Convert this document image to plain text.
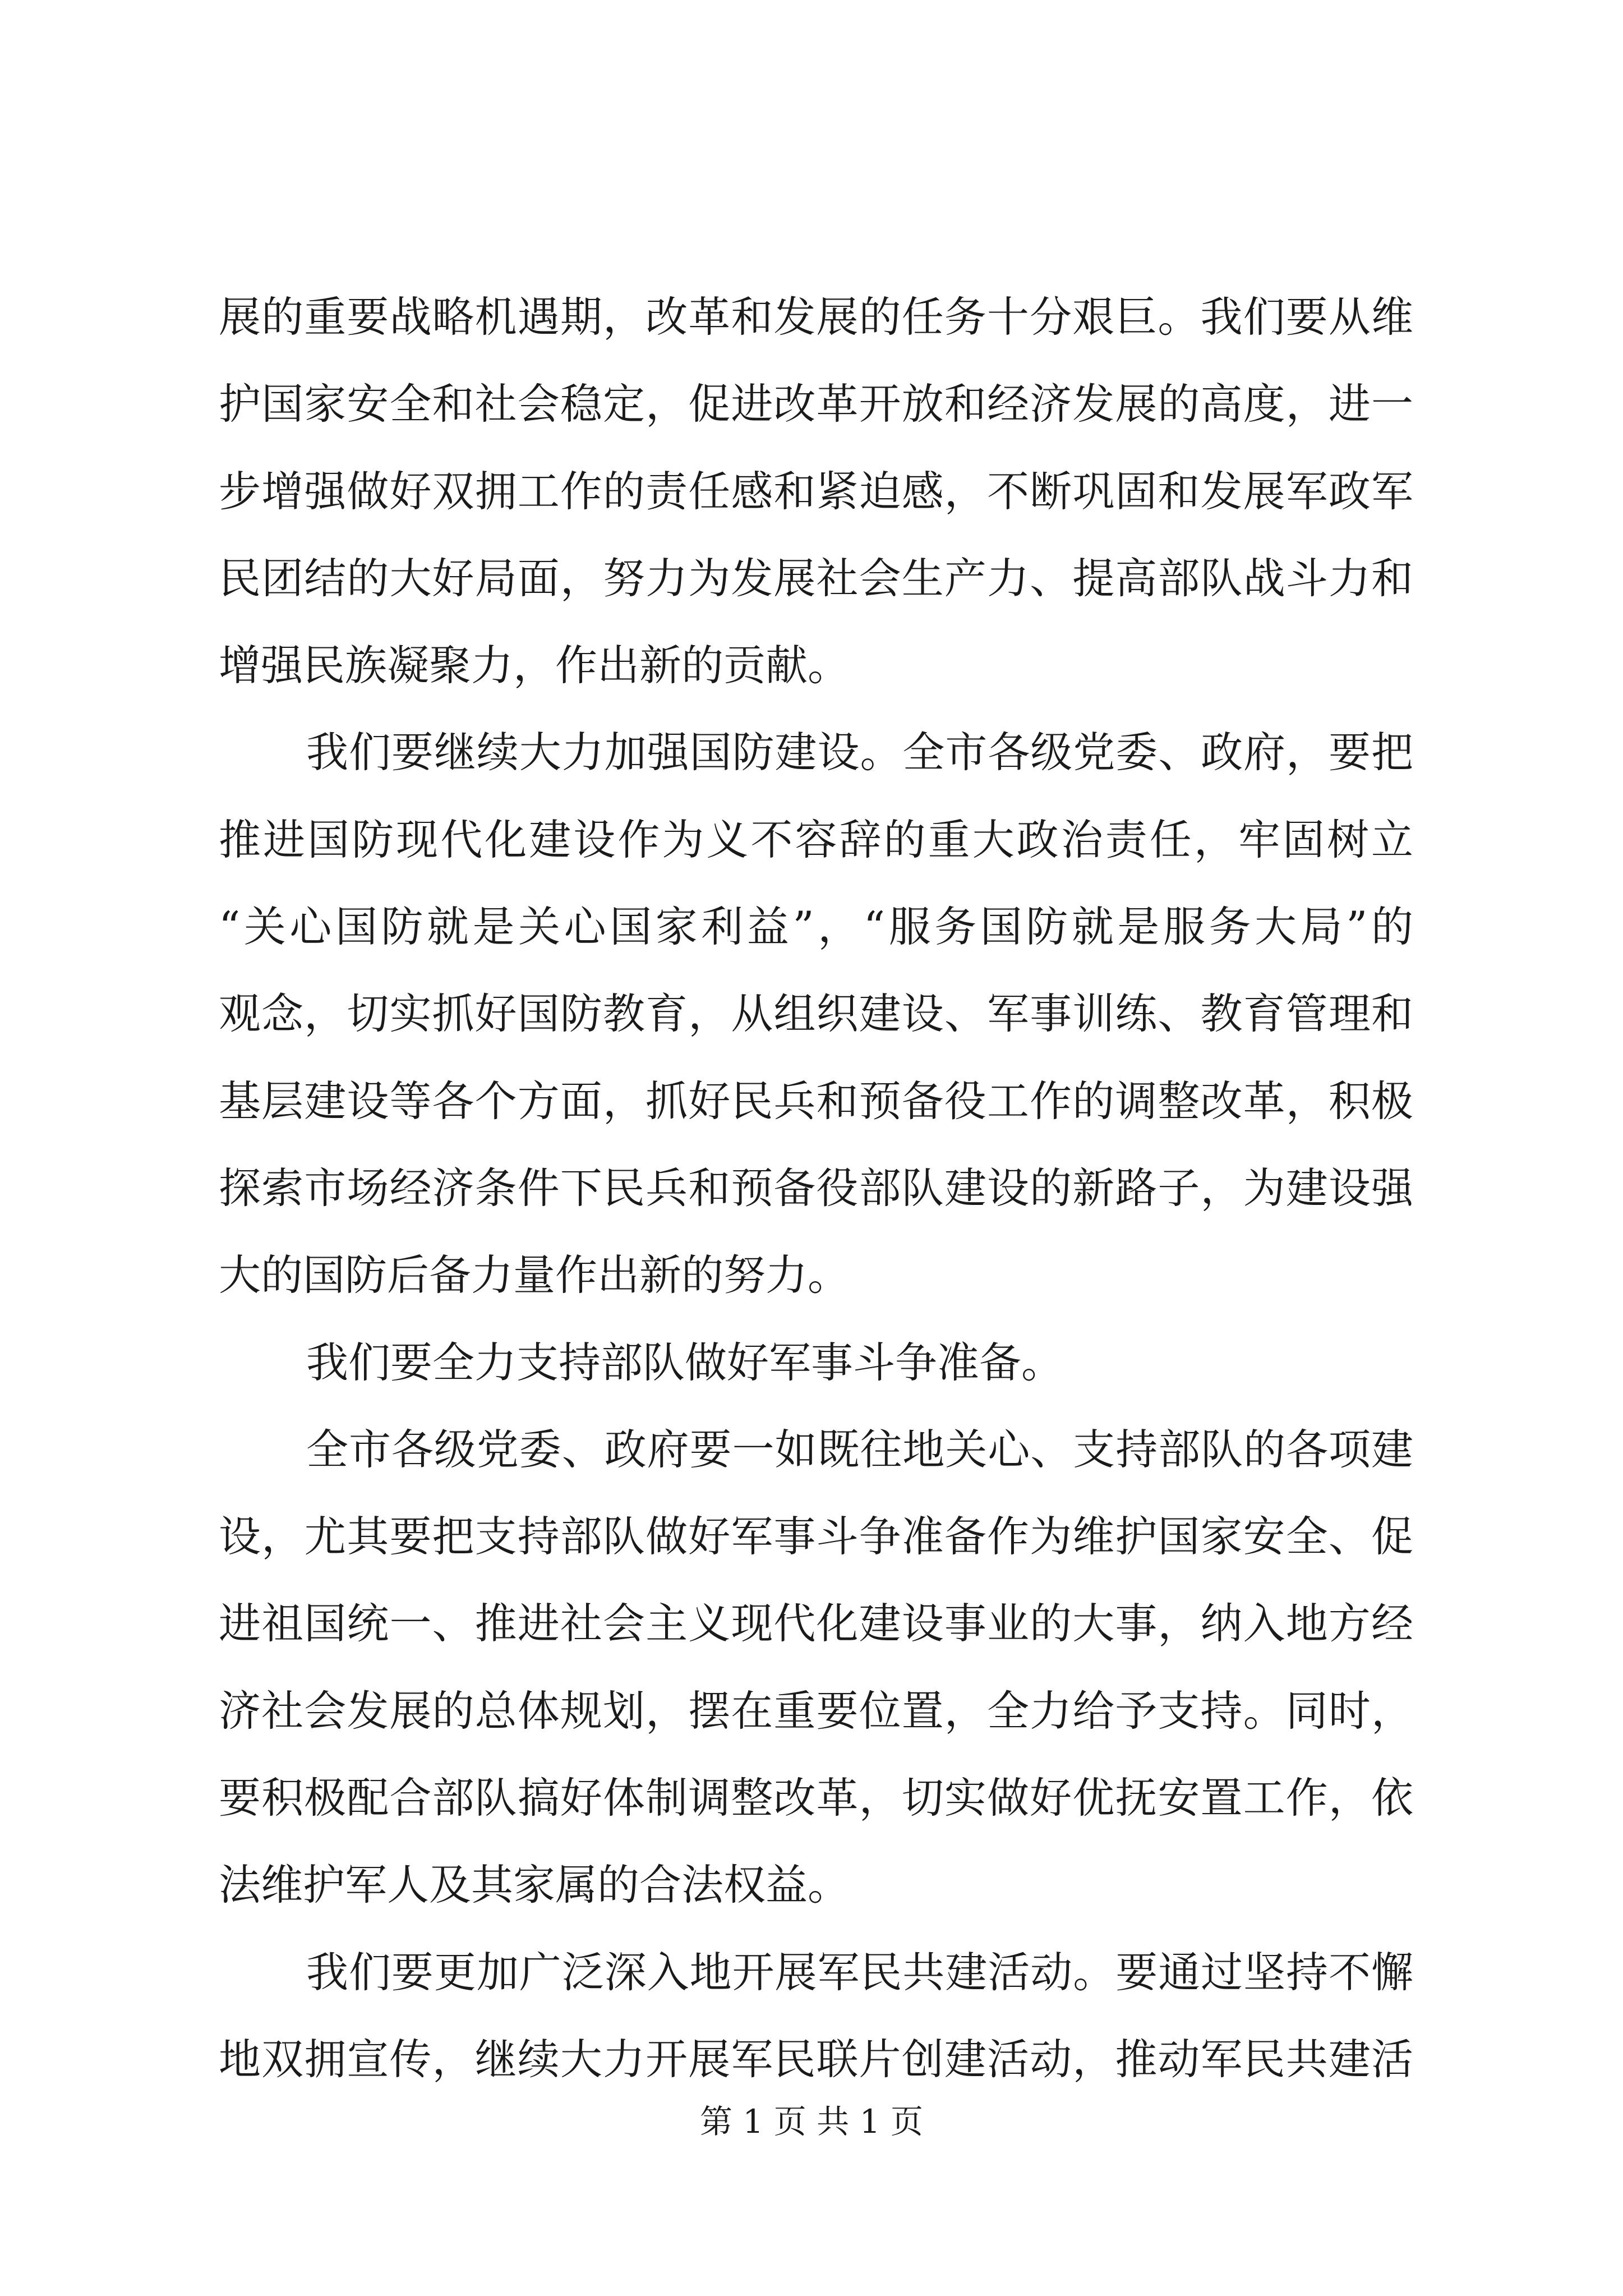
展的重要战略机遇期，改革和发展的任务十分艰巨。我们要从维
护国家安全和社会稳定，促进改革开放和经济发展的高度，进一
步增强做好双拥工作的责任感和紧迫感，不断巩固和发展军政军
民团结的大好局面，努力为发展社会生产力、提高部队战斗力和
增强民族凝聚力，作出新的贡献。
我们要继续大力加强国防建设。全市各级党委、政府，要把
推进国防现代化建设作为义不容辞的重大政治责任，牢固树立
“关心国防就是关心国家利益”，“服务国防就是服务大局”的
观念，切实抓好国防教育，从组织建设、军事训练、教育管理和
基层建设等各个方面，抓好民兵和预备役工作的调整改革，积极
探索市场经济条件下民兵和预备役部队建设的新路子，为建设强
大的国防后备力量作出新的努力。
我们要全力支持部队做好军事斗争准备。
全市各级党委、政府要一如既往地关心、支持部队的各项建
设，尤其要把支持部队做好军事斗争准备作为维护国家安全、促
进祖国统一、推进社会主义现代化建设事业的大事，纳入地方经
济社会发展的总体规划，摆在重要位置，全力给予支持。同时，
要积极配合部队搞好体制调整改革，切实做好优抚安置工作，依
法维护军人及其家属的合法权益。
我们要更加广泛深入地开展军民共建活动。要通过坚持不懈
地双拥宣传，继续大力开展军民联片创建活动，推动军民共建活
第 1 页 共 1 页
